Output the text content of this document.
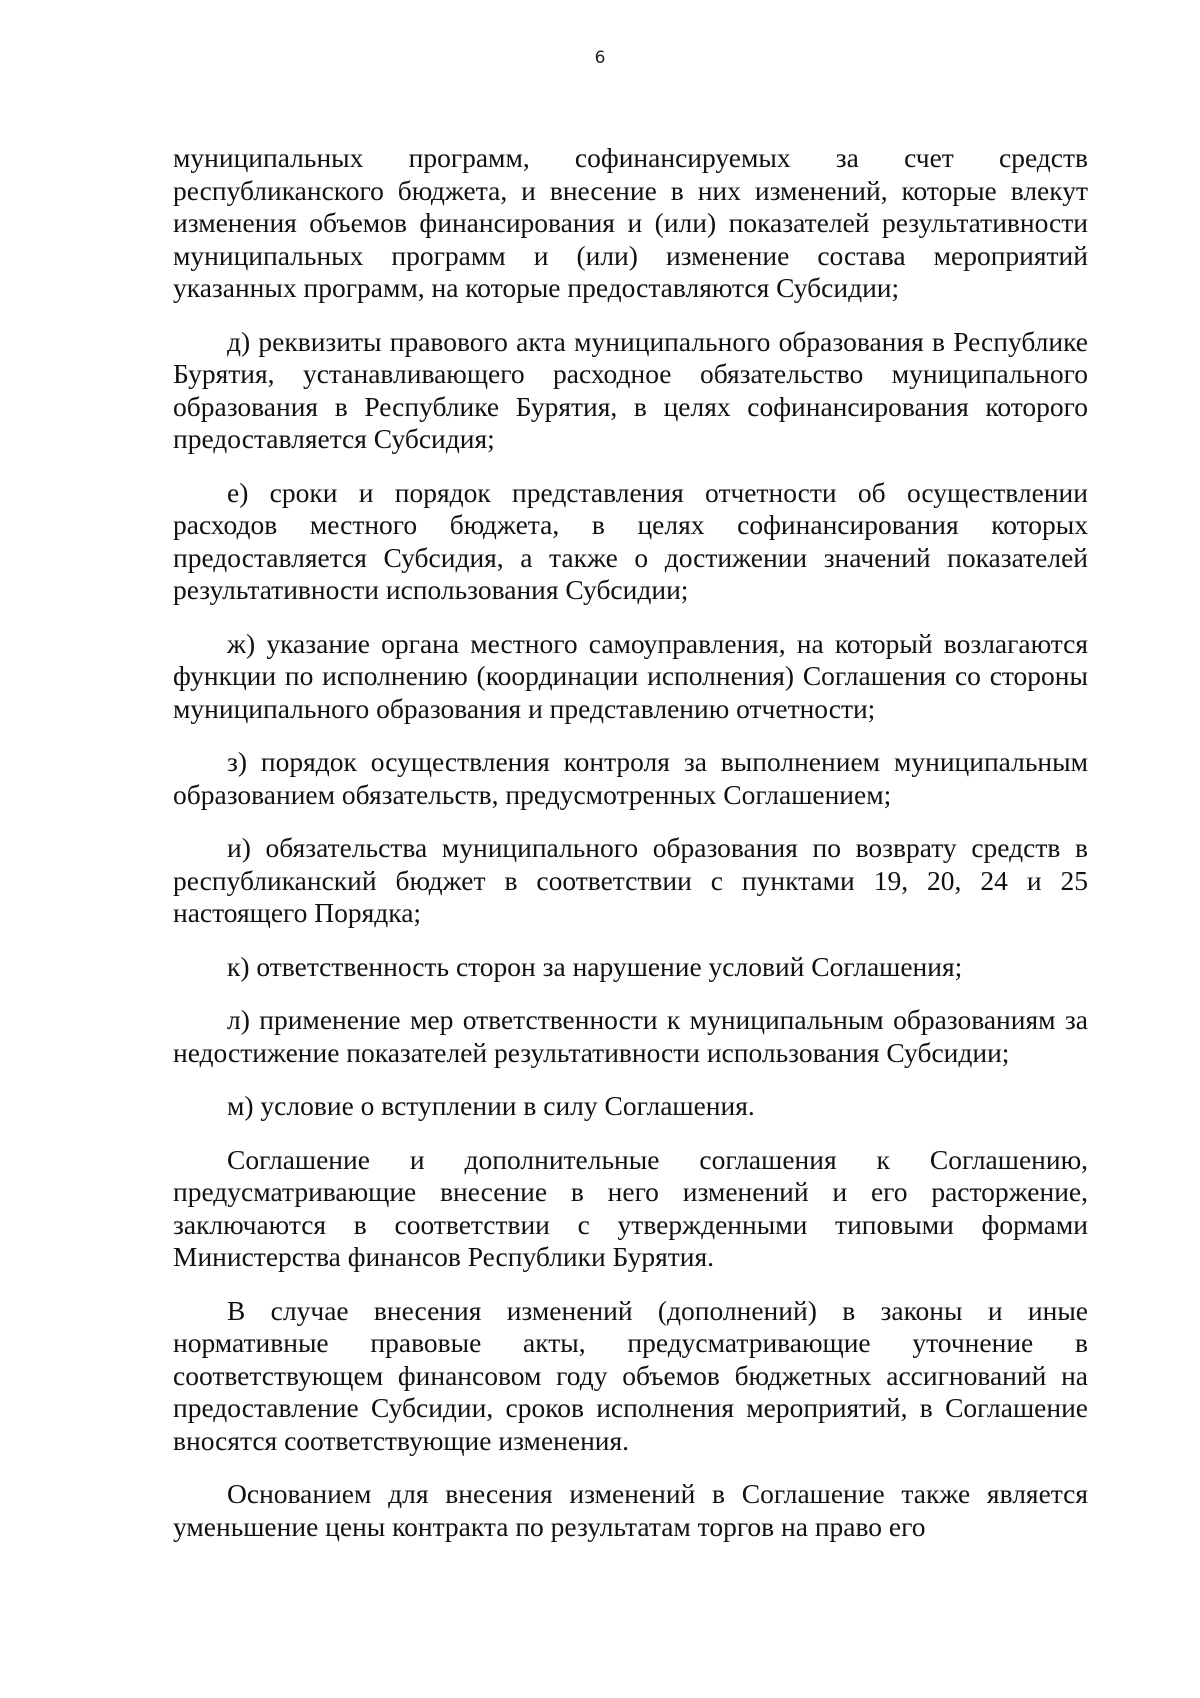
6

муниципальных программ, софинансируемых за счет средств республиканского бюджета, и внесение в них изменений, которые влекут изменения объемов финансирования и (или) показателей результативности муниципальных программ и (или) изменение состава мероприятий указанных программ, на которые предоставляются Субсидии;

д) реквизиты правового акта муниципального образования в Республике Бурятия, устанавливающего расходное обязательство муниципального образования в Республике Бурятия, в целях софинансирования которого предоставляется Субсидия;

е) сроки и порядок представления отчетности об осуществлении расходов местного бюджета, в целях софинансирования которых предоставляется Субсидия, а также о достижении значений показателей результативности использования Субсидии;

ж) указание органа местного самоуправления, на который возлагаются функции по исполнению (координации исполнения) Соглашения со стороны муниципального образования и представлению отчетности;

з) порядок осуществления контроля за выполнением муниципальным образованием обязательств, предусмотренных Соглашением;

и) обязательства муниципального образования по возврату средств в республиканский бюджет в соответствии с пунктами 19, 20, 24 и 25 настоящего Порядка;

к) ответственность сторон за нарушение условий Соглашения;

л) применение мер ответственности к муниципальным образованиям за недостижение показателей результативности использования Субсидии;

м) условие о вступлении в силу Соглашения.

Соглашение и дополнительные соглашения к Соглашению, предусматривающие внесение в него изменений и его расторжение, заключаются в соответствии с утвержденными типовыми формами Министерства финансов Республики Бурятия.

В случае внесения изменений (дополнений) в законы и иные нормативные правовые акты, предусматривающие уточнение в соответствующем финансовом году объемов бюджетных ассигнований на предоставление Субсидии, сроков исполнения мероприятий, в Соглашение вносятся соответствующие изменения.

Основанием для внесения изменений в Соглашение также является уменьшение цены контракта по результатам торгов на право его
